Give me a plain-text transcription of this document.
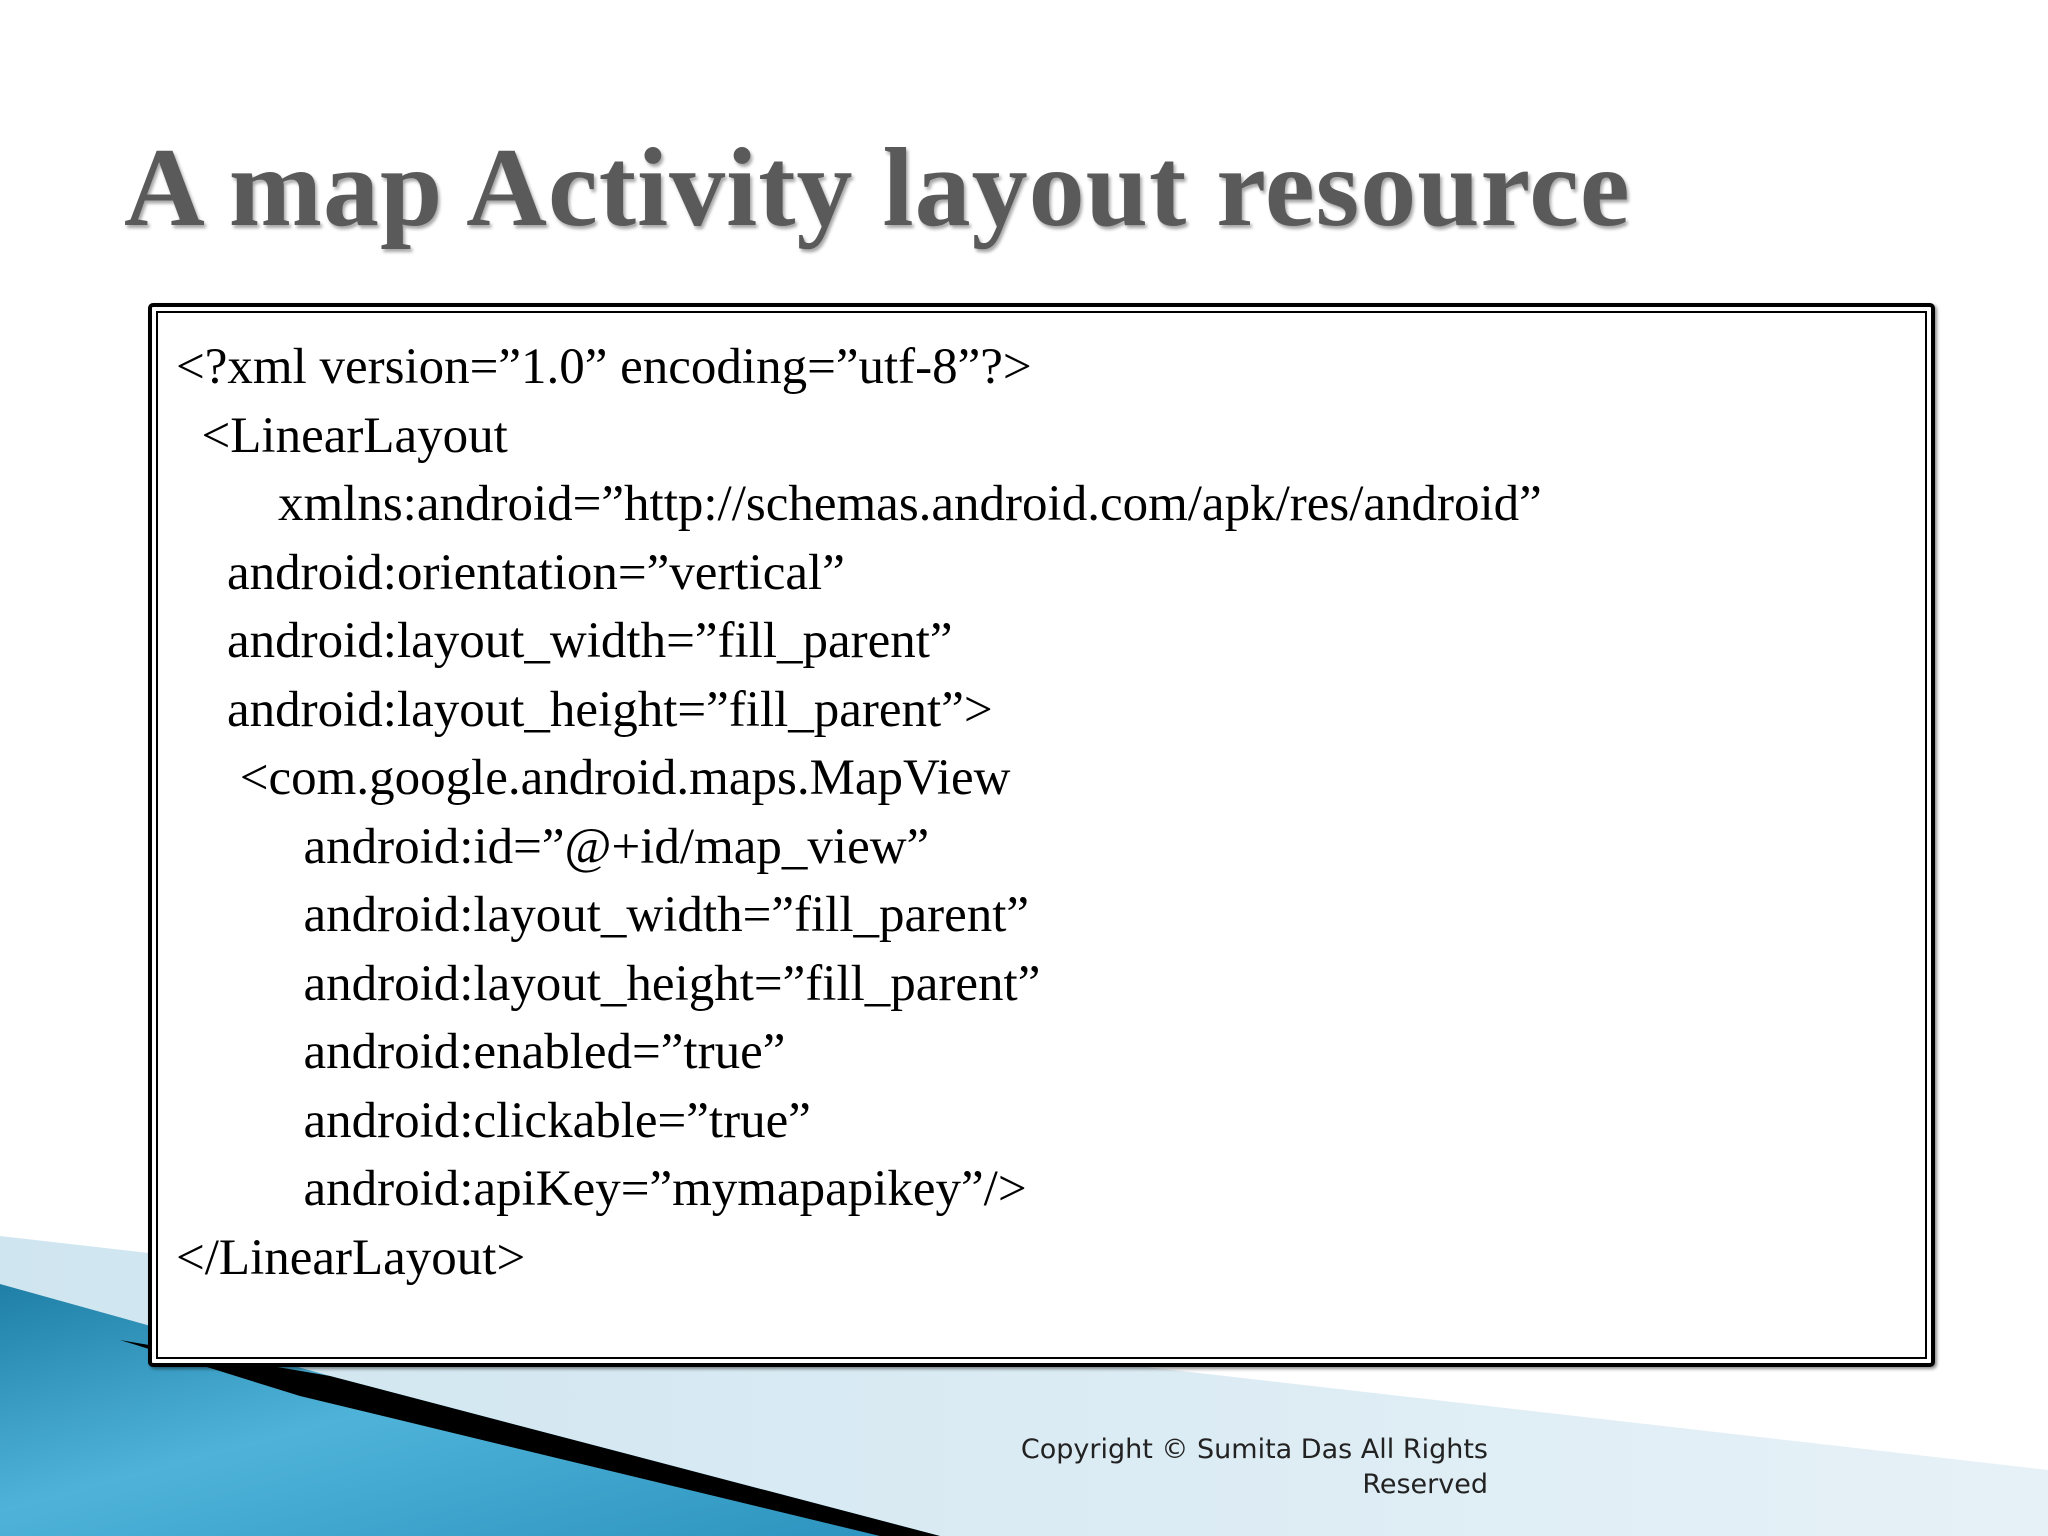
A map Activity layout resource
<?xml version=”1.0” encoding=”utf-8”?>
<LinearLayout
xmlns:android=”http://schemas.android.com/apk/res/android”
android:orientation=”vertical”
android:layout_width=”fill_parent”
android:layout_height=”fill_parent”>
<com.google.android.maps.MapView
android:id=”@+id/map_view”
android:layout_width=”fill_parent”
android:layout_height=”fill_parent”
android:enabled=”true”
android:clickable=”true”
android:apiKey=”mymapapikey”/>
</LinearLayout>
Copyright © Sumita Das All Rights
Reserved
